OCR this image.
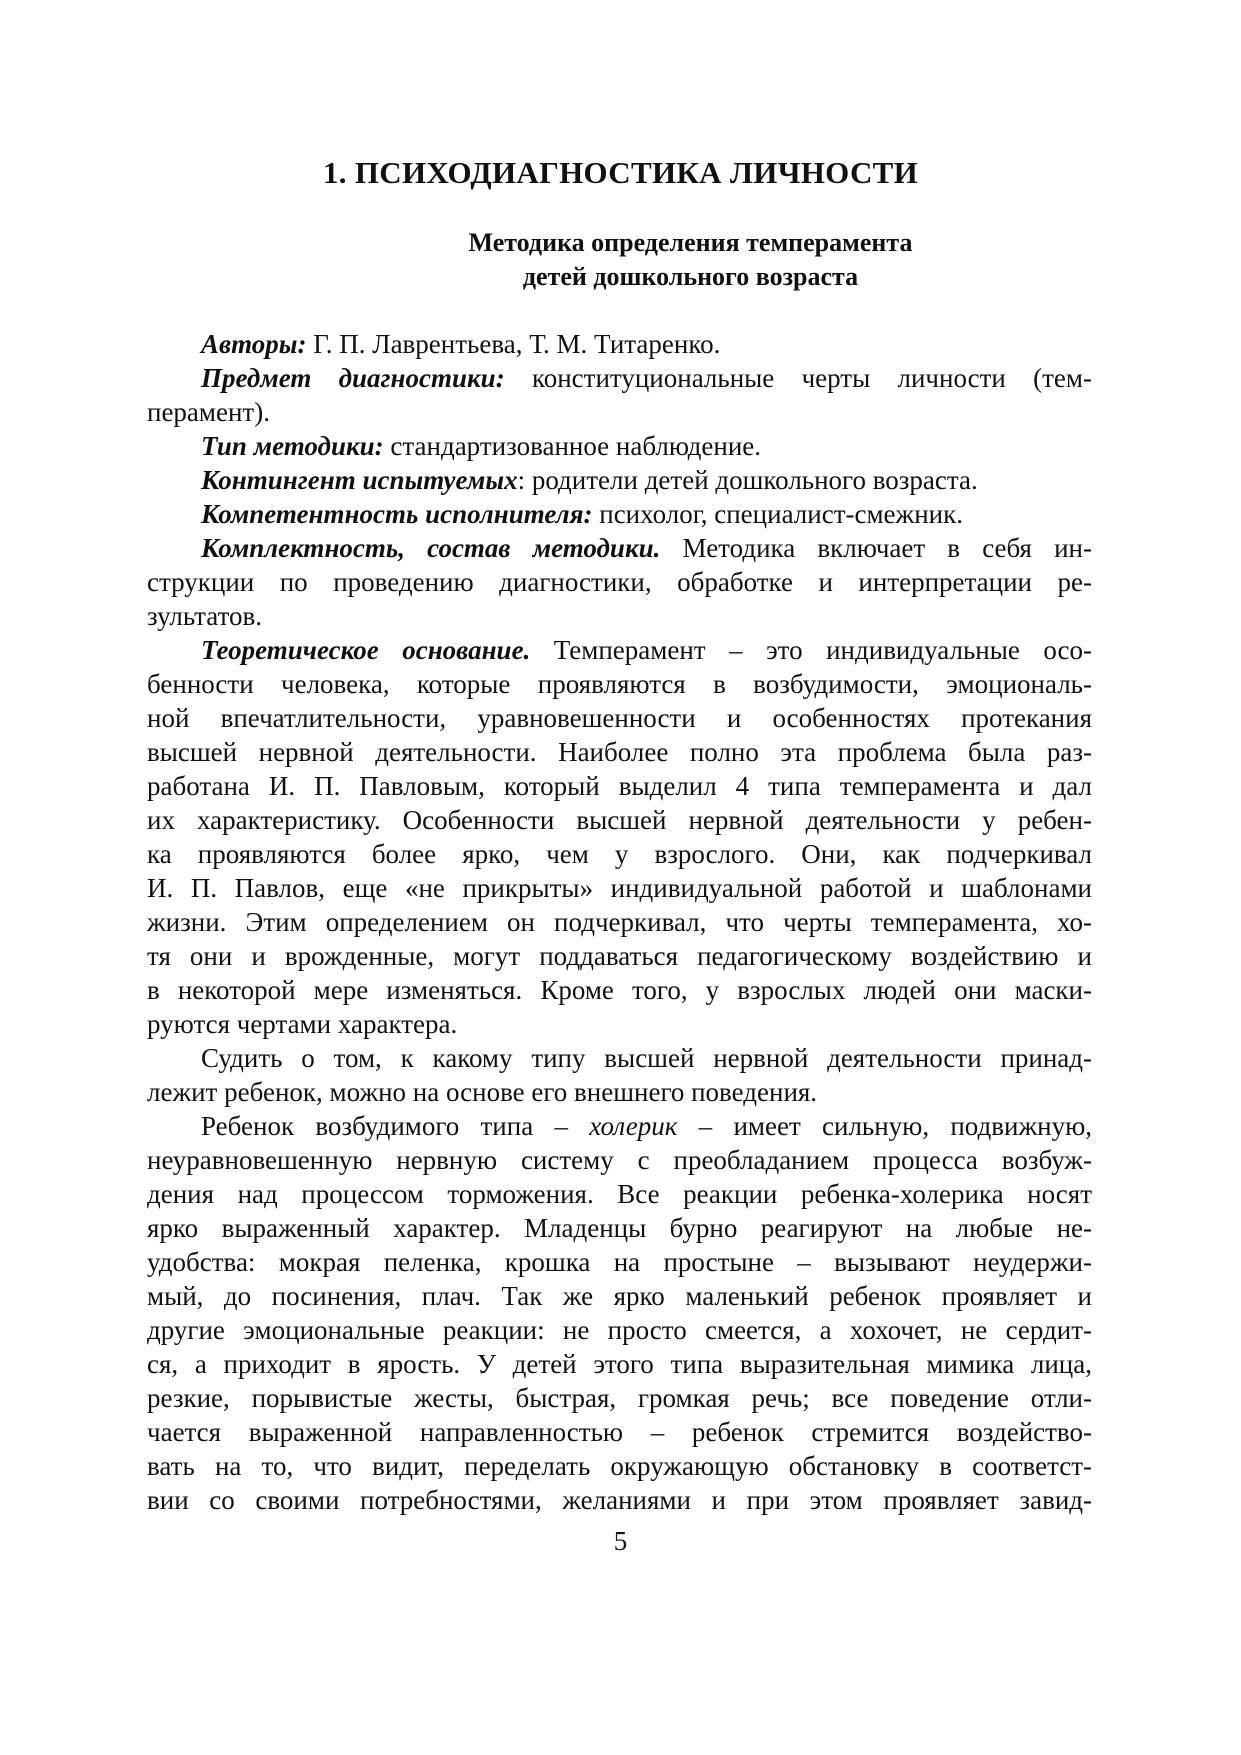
1. ПСИХОДИАГНОСТИКА ЛИЧНОСТИ
Методика определения темперамента
детей дошкольного возраста
Авторы: Г. П. Лаврентьева, Т. М. Титаренко.
Предмет диагностики: конституциональные черты личности (тем-
перамент).
Тип методики: стандартизованное наблюдение.
Контингент испытуемых: родители детей дошкольного возраста.
Компетентность исполнителя: психолог, специалист-смежник.
Комплектность, состав методики. Методика включает в себя ин-
струкции по проведению диагностики, обработке и интерпретации ре-
зультатов.
Теоретическое основание. Темперамент – это индивидуальные осо-
бенности человека, которые проявляются в возбудимости, эмоциональ-
ной впечатлительности, уравновешенности и особенностях протекания
высшей нервной деятельности. Наиболее полно эта проблема была раз-
работана И. П. Павловым, который выделил 4 типа темперамента и дал
их характеристику. Особенности высшей нервной деятельности у ребен-
ка проявляются более ярко, чем у взрослого. Они, как подчеркивал
И. П. Павлов, еще «не прикрыты» индивидуальной работой и шаблонами
жизни. Этим определением он подчеркивал, что черты темперамента, хо-
тя они и врожденные, могут поддаваться педагогическому воздействию и
в некоторой мере изменяться. Кроме того, у взрослых людей они маски-
руются чертами характера.
Судить о том, к какому типу высшей нервной деятельности принад-
лежит ребенок, можно на основе его внешнего поведения.
Ребенок возбудимого типа – холерик – имеет сильную, подвижную,
неуравновешенную нервную систему с преобладанием процесса возбуж-
дения над процессом торможения. Все реакции ребенка-холерика носят
ярко выраженный характер. Младенцы бурно реагируют на любые не-
удобства: мокрая пеленка, крошка на простыне – вызывают неудержи-
мый, до посинения, плач. Так же ярко маленький ребенок проявляет и
другие эмоциональные реакции: не просто смеется, а хохочет, не сердит-
ся, а приходит в ярость. У детей этого типа выразительная мимика лица,
резкие, порывистые жесты, быстрая, громкая речь; все поведение отли-
чается выраженной направленностью – ребенок стремится воздейство-
вать на то, что видит, переделать окружающую обстановку в соответст-
вии со своими потребностями, желаниями и при этом проявляет завид-
5
